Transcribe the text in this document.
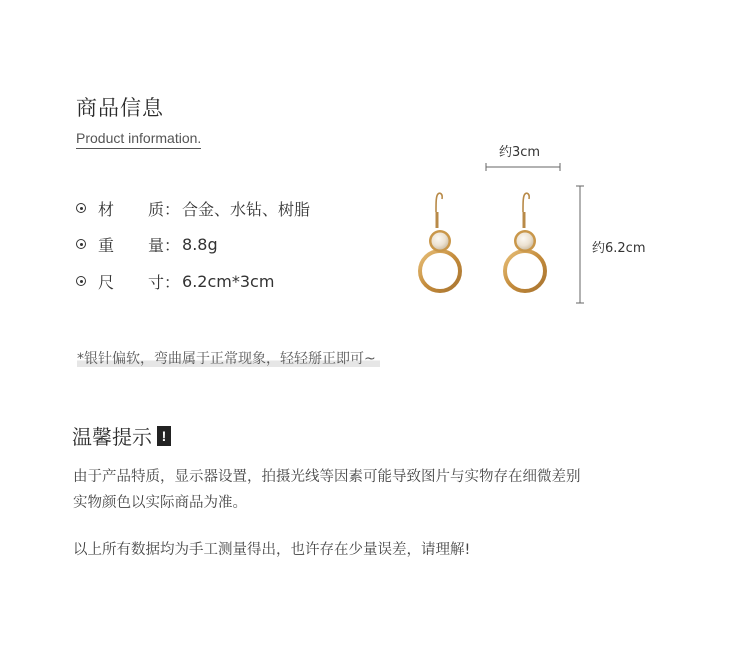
商品信息
Product information.
材质 ： 合金、水钻、树脂
重量 ： 8.8g
尺寸 ： 6.2cm*3cm
约3cm
约6.2cm
*银针偏软，弯曲属于正常现象，轻轻掰正即可~
温馨提示 !
由于产品特质，显示器设置，拍摄光线等因素可能导致图片与实物存在细微差别
实物颜色以实际商品为准。
以上所有数据均为手工测量得出，也许存在少量误差，请理解!
